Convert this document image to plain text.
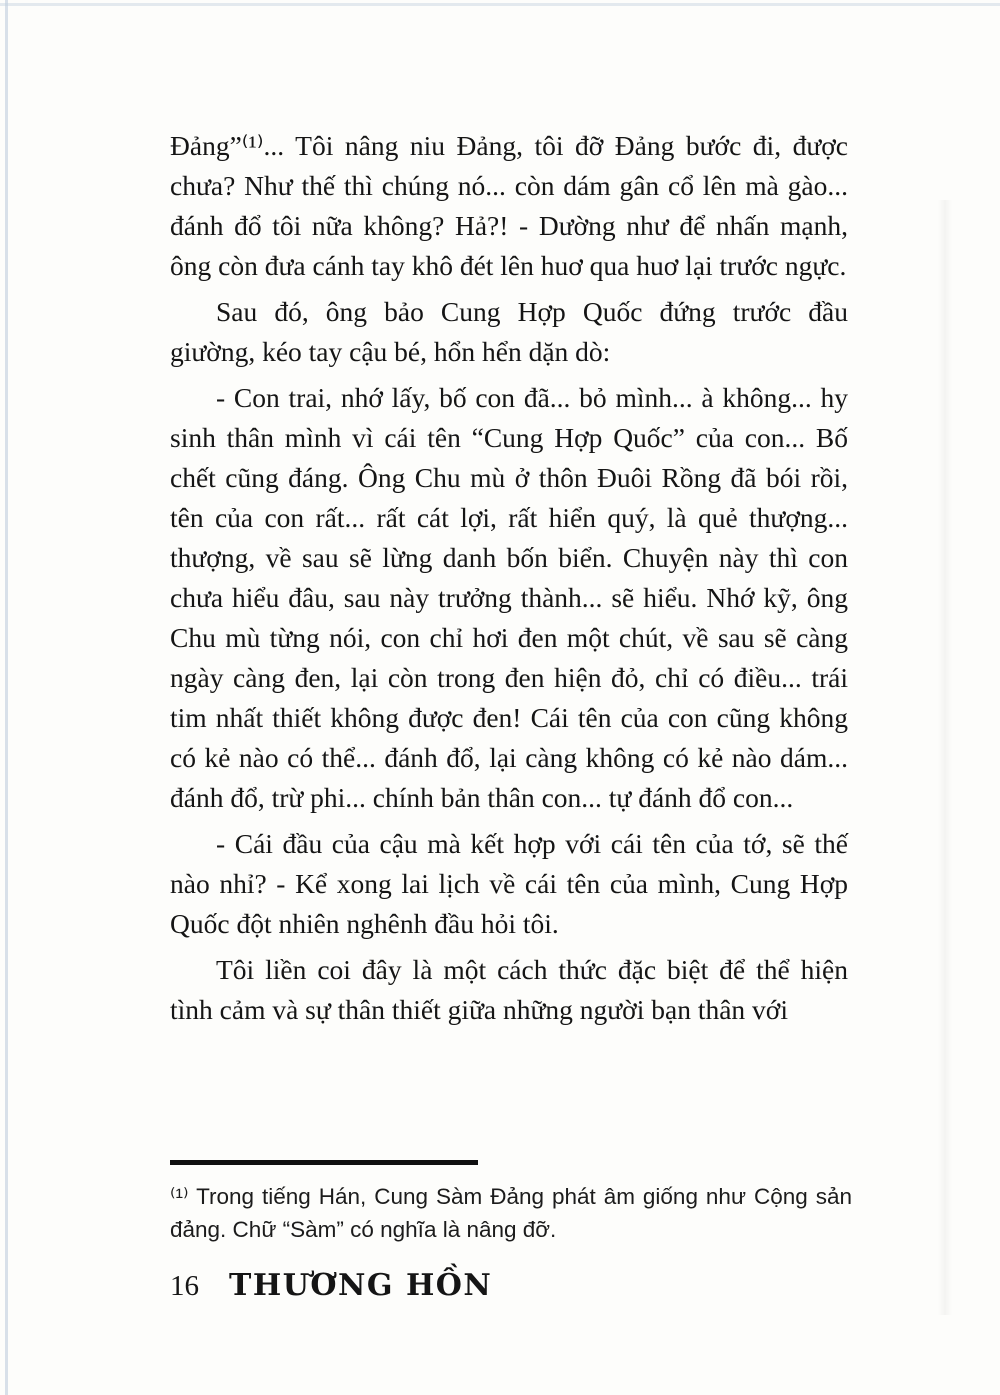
Đảng”⁽¹⁾... Tôi nâng niu Đảng, tôi đỡ Đảng bước đi, được chưa? Như thế thì chúng nó... còn dám gân cổ lên mà gào... đánh đổ tôi nữa không? Hả?! - Dường như để nhấn mạnh, ông còn đưa cánh tay khô đét lên huơ qua huơ lại trước ngực.

Sau đó, ông bảo Cung Hợp Quốc đứng trước đầu giường, kéo tay cậu bé, hổn hển dặn dò:

- Con trai, nhớ lấy, bố con đã... bỏ mình... à không... hy sinh thân mình vì cái tên “Cung Hợp Quốc” của con... Bố chết cũng đáng. Ông Chu mù ở thôn Đuôi Rồng đã bói rồi, tên của con rất... rất cát lợi, rất hiển quý, là quẻ thượng... thượng, về sau sẽ lừng danh bốn biển. Chuyện này thì con chưa hiểu đâu, sau này trưởng thành... sẽ hiểu. Nhớ kỹ, ông Chu mù từng nói, con chỉ hơi đen một chút, về sau sẽ càng ngày càng đen, lại còn trong đen hiện đỏ, chỉ có điều... trái tim nhất thiết không được đen! Cái tên của con cũng không có kẻ nào có thể... đánh đổ, lại càng không có kẻ nào dám... đánh đổ, trừ phi... chính bản thân con... tự đánh đổ con...

- Cái đầu của cậu mà kết hợp với cái tên của tớ, sẽ thế nào nhỉ? - Kể xong lai lịch về cái tên của mình, Cung Hợp Quốc đột nhiên nghênh đầu hỏi tôi.

Tôi liền coi đây là một cách thức đặc biệt để thể hiện tình cảm và sự thân thiết giữa những người bạn thân với

⁽¹⁾ Trong tiếng Hán, Cung Sàm Đảng phát âm giống như Cộng sản đảng. Chữ “Sàm” có nghĩa là nâng đỡ.
16 THƯƠNG HỒN
